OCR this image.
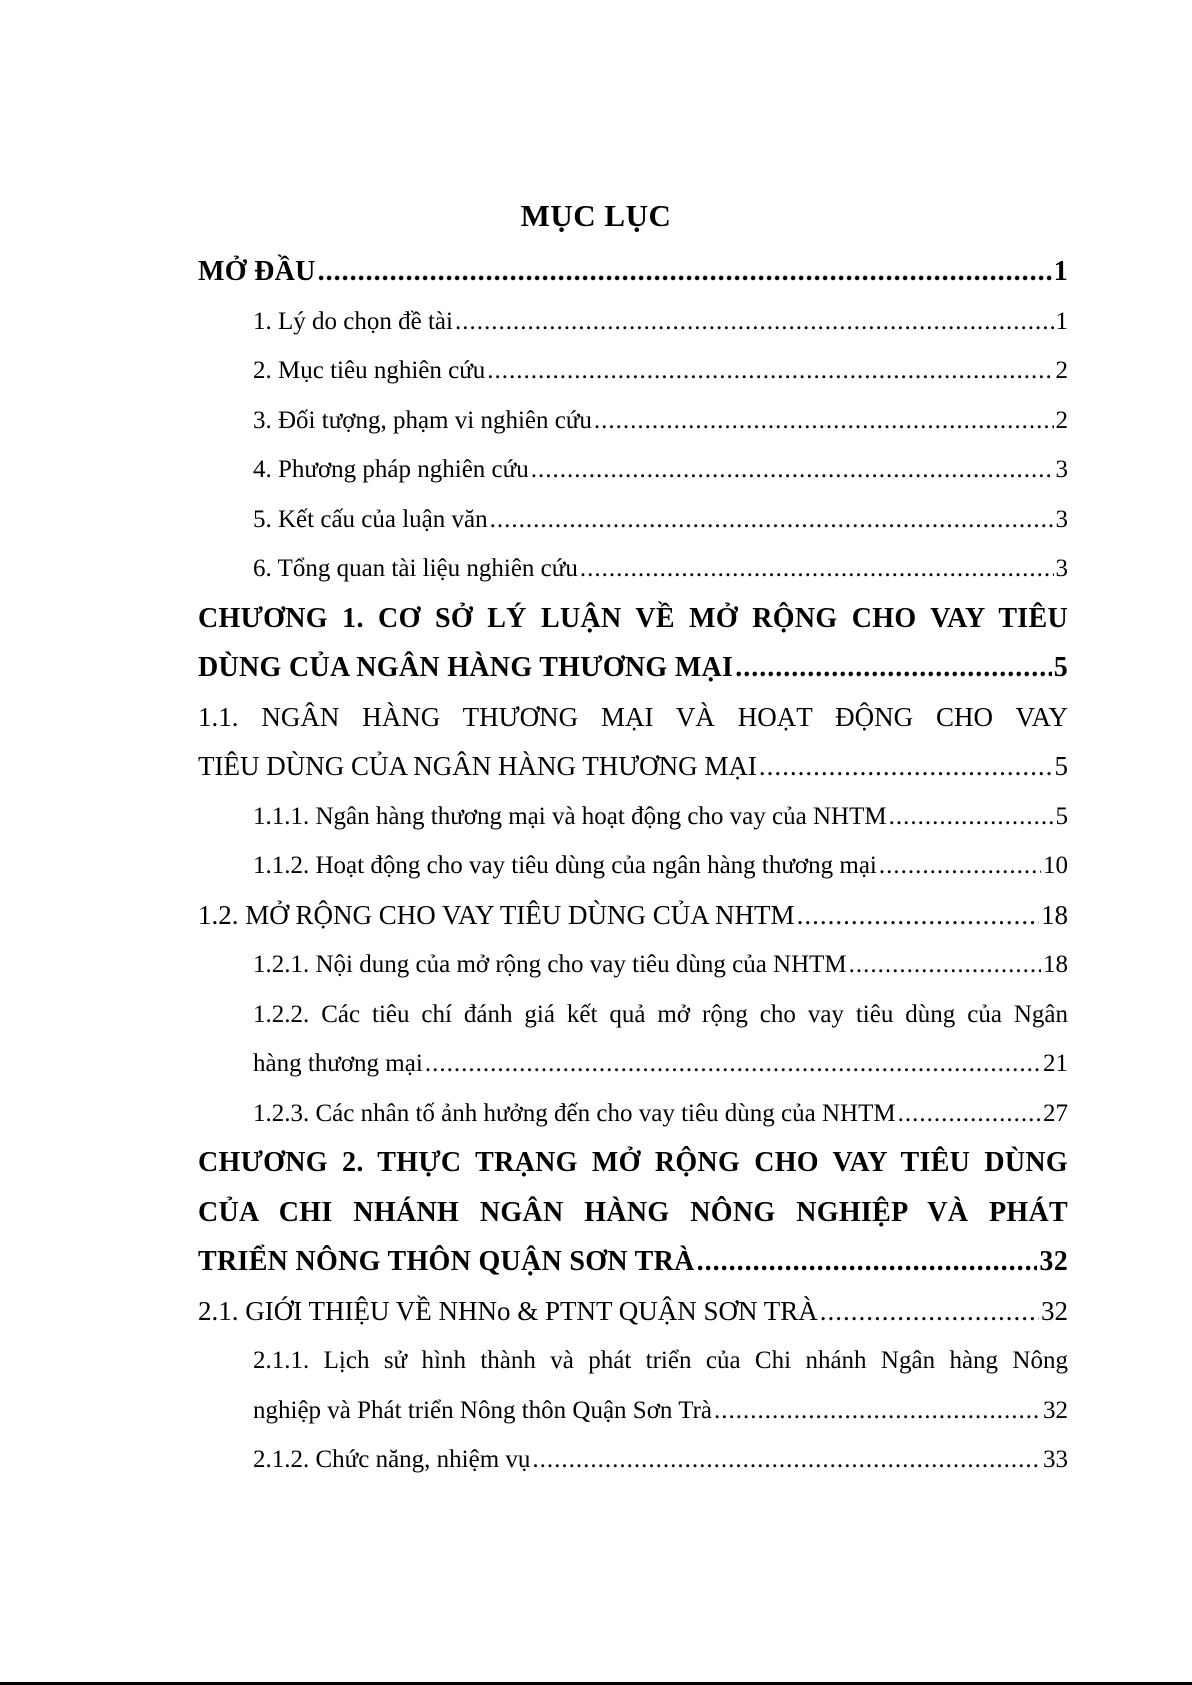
MỤC LỤC
MỞ ĐẦU .....	1
1. Lý do chọn đề tài .....	1
2. Mục tiêu nghiên cứu .....	2
3. Đối tượng, phạm vi nghiên cứu .....	2
4. Phương pháp nghiên cứu .....	3
5. Kết cấu của luận văn .....	3
6. Tổng quan tài liệu nghiên cứu .....	3
CHƯƠNG 1. CƠ SỞ LÝ LUẬN VỀ MỞ RỘNG CHO VAY TIÊU
DÙNG CỦA NGÂN HÀNG THƯƠNG MẠI .....	5
1.1. NGÂN HÀNG THƯƠNG MẠI VÀ HOẠT ĐỘNG CHO VAY
TIÊU DÙNG CỦA NGÂN HÀNG THƯƠNG MẠI .....	5
1.1.1. Ngân hàng thương mại và hoạt động cho vay của NHTM .....	5
1.1.2. Hoạt động cho vay tiêu dùng của ngân hàng thương mại .....	10
1.2. MỞ RỘNG CHO VAY TIÊU DÙNG CỦA NHTM .....	18
1.2.1. Nội dung của mở rộng cho vay tiêu dùng của NHTM .....	18
1.2.2. Các tiêu chí đánh giá kết quả mở rộng cho vay tiêu dùng của Ngân
hàng thương mại .....	21
1.2.3. Các nhân tố ảnh hưởng đến cho vay tiêu dùng của NHTM .....	27
CHƯƠNG 2. THỰC TRẠNG MỞ RỘNG CHO VAY TIÊU DÙNG
CỦA CHI NHÁNH NGÂN HÀNG NÔNG NGHIỆP VÀ PHÁT
TRIỂN NÔNG THÔN QUẬN SƠN TRÀ .....	32
2.1. GIỚI THIỆU VỀ NHNo & PTNT QUẬN SƠN TRÀ .....	32
2.1.1. Lịch sử hình thành và phát triển của Chi nhánh Ngân hàng Nông
nghiệp và Phát triển Nông thôn Quận Sơn Trà .....	32
2.1.2. Chức năng, nhiệm vụ .....	33
